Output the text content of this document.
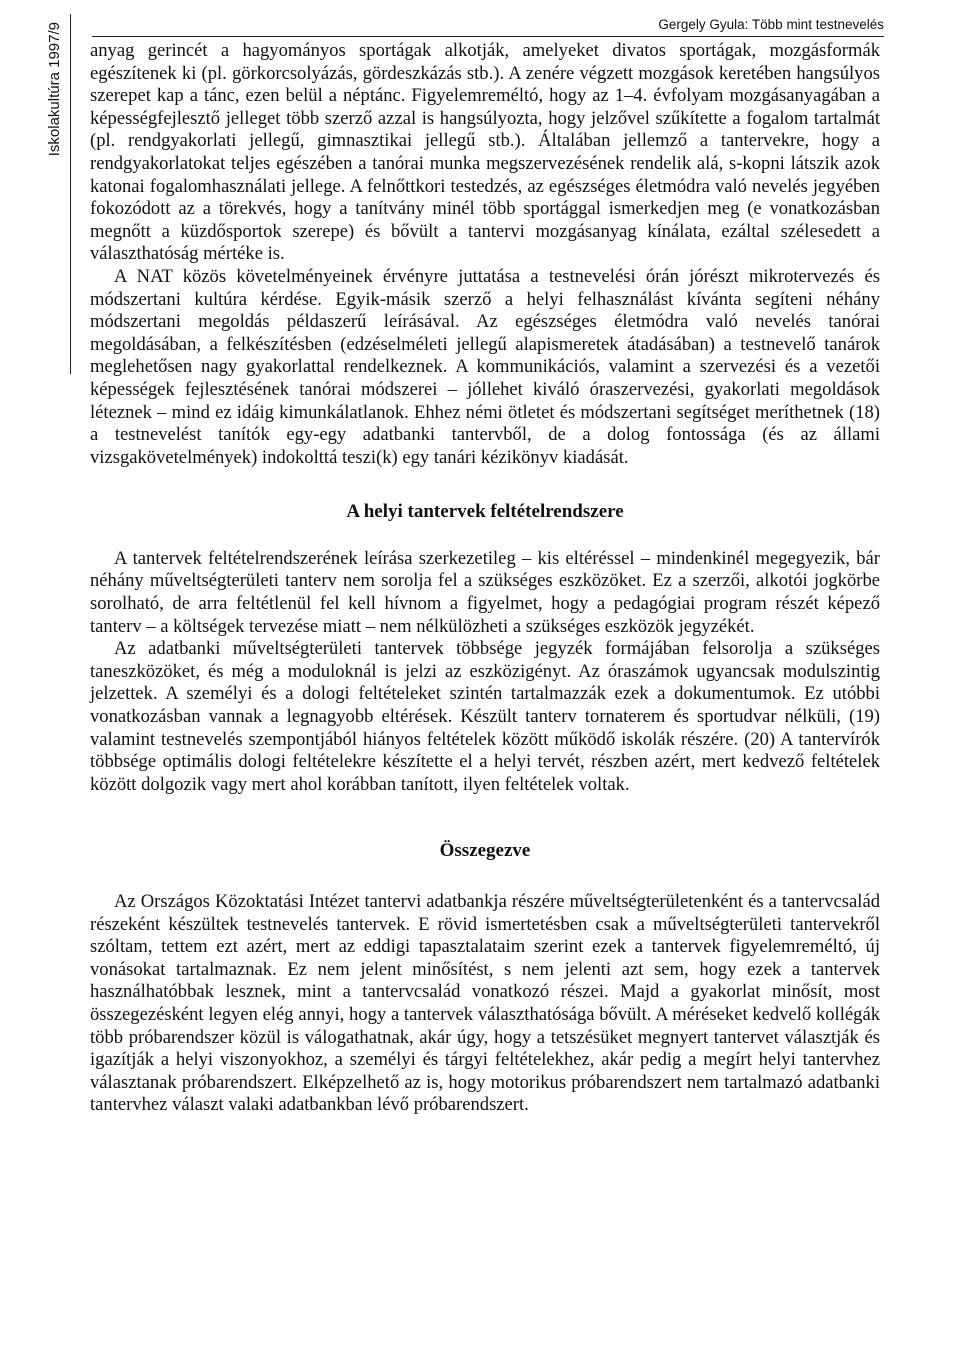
Iskolakultúra 1997/9	Gergely Gyula: Több mint testnevelés

anyag gerincét a hagyományos sportágak alkotják, amelyeket divatos sportágak, mozgásformák egészítenek ki (pl. görkorcsolyázás, gördeszkázás stb.). A zenére végzett mozgások keretében hangsúlyos szerepet kap a tánc, ezen belül a néptánc. Figyelemreméltó, hogy az 1–4. évfolyam mozgásanyagában a képességfejlesztő jelleget több szerző azzal is hangsúlyozta, hogy jelzővel szűkítette a fogalom tartalmát (pl. rendgyakorlati jellegű, gimnasztikai jellegű stb.). Általában jellemző a tantervekre, hogy a rendgyakorlatokat teljes egészében a tanórai munka megszervezésének rendelik alá, s-kopni látszik azok katonai fogalomhasználati jellege. A felnőttkori testedzés, az egészséges életmódra való nevelés jegyében fokozódott az a törekvés, hogy a tanítvány minél több sportággal ismerkedjen meg (e vonatkozásban megnőtt a küzdősportok szerepe) és bővült a tantervi mozgásanyag kínálata, ezáltal szélesedett a választhatóság mértéke is.

A NAT közös követelményeinek érvényre juttatása a testnevelési órán jórészt mikrotervezés és módszertani kultúra kérdése. Egyik-másik szerző a helyi felhasználást kívánta segíteni néhány módszertani megoldás példaszerű leírásával. Az egészséges életmódra való nevelés tanórai megoldásában, a felkészítésben (edzéselméleti jellegű alapismeretek átadásában) a testnevelő tanárok meglehetősen nagy gyakorlattal rendelkeznek. A kommunikációs, valamint a szervezési és a vezetői képességek fejlesztésének tanórai módszerei – jóllehet kiváló óraszervezési, gyakorlati megoldások léteznek – mind ez idáig kimunkálatlanok. Ehhez némi ötletet és módszertani segítséget meríthetnek (18) a testnevelést tanítók egy-egy adatbanki tantervből, de a dolog fontossága (és az állami vizsgakövetelmények) indokolttá teszi(k) egy tanári kézikönyv kiadását.

A helyi tantervek feltételrendszere

A tantervek feltételrendszerének leírása szerkezetileg – kis eltéréssel – mindenkinél megegyezik, bár néhány műveltségterületi tanterv nem sorolja fel a szükséges eszközöket. Ez a szerzői, alkotói jogkörbe sorolható, de arra feltétlenül fel kell hívnom a figyelmet, hogy a pedagógiai program részét képező tanterv – a költségek tervezése miatt – nem nélkülözheti a szükséges eszközök jegyzékét.

Az adatbanki műveltségterületi tantervek többsége jegyzék formájában felsorolja a szükséges taneszközöket, és még a moduloknál is jelzi az eszközigényt. Az óraszámok ugyancsak modulszintig jelzettek. A személyi és a dologi feltételeket szintén tartalmazzák ezek a dokumentumok. Ez utóbbi vonatkozásban vannak a legnagyobb eltérések. Készült tanterv tornaterem és sportudvar nélküli, (19) valamint testnevelés szempontjából hiányos feltételek között működő iskolák részére. (20) A tantervírók többsége optimális dologi feltételekre készítette el a helyi tervét, részben azért, mert kedvező feltételek között dolgozik vagy mert ahol korábban tanított, ilyen feltételek voltak.

Összegezve

Az Országos Közoktatási Intézet tantervi adatbankja részére műveltségterületenként és a tantervcsalád részeként készültek testnevelés tantervek. E rövid ismertetésben csak a műveltségterületi tantervekről szóltam, tettem ezt azért, mert az eddigi tapasztalataim szerint ezek a tantervek figyelemreméltó, új vonásokat tartalmaznak. Ez nem jelent minősítést, s nem jelenti azt sem, hogy ezek a tantervek használhatóbbak lesznek, mint a tantervcsalád vonatkozó részei. Majd a gyakorlat minősít, most összegezésként legyen elég annyi, hogy a tantervek választhatósága bővült. A méréseket kedvelő kollégák több próbarendszer közül is válogathatnak, akár úgy, hogy a tetszésüket megnyert tantervet választják és igazítják a helyi viszonyokhoz, a személyi és tárgyi feltételekhez, akár pedig a megírt helyi tantervhez választanak próbarendszert. Elképzelhető az is, hogy motorikus próbarendszert nem tartalmazó adatbanki tantervhez választ valaki adatbankban lévő próbarendszert.
